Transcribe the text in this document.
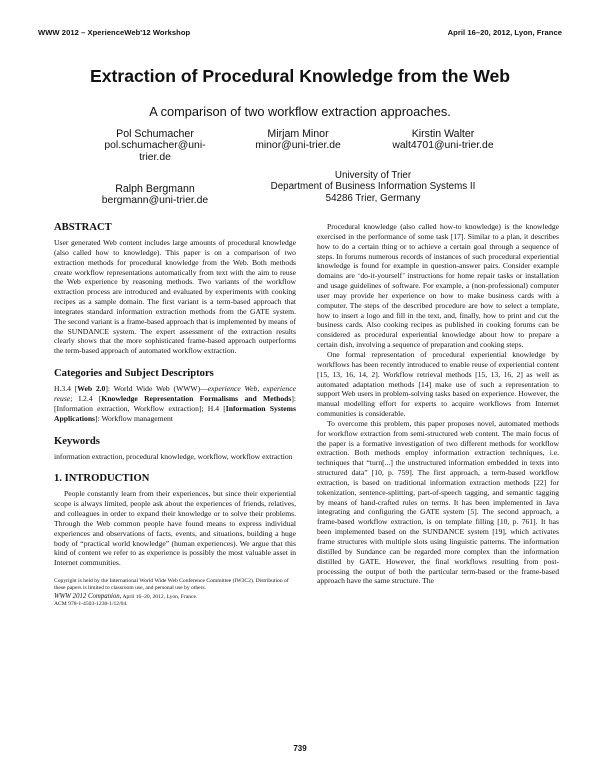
WWW 2012 – XperienceWeb'12 Workshop	April 16–20, 2012, Lyon, France
Extraction of Procedural Knowledge from the Web
A comparison of two workflow extraction approaches.
Pol Schumacher
pol.schumacher@uni-
trier.de
Mirjam Minor
minor@uni-trier.de
Kirstin Walter
walt4701@uni-trier.de
Ralph Bergmann
bergmann@uni-trier.de
University of Trier
Department of Business Information Systems II
54286 Trier, Germany
ABSTRACT

User generated Web content includes large amounts of procedural knowledge (also called how to knowledge). This paper is on a comparison of two extraction methods for procedural knowledge from the Web. Both methods create workflow representations automatically from text with the aim to reuse the Web experience by reasoning methods. Two variants of the workflow extraction process are introduced and evaluated by experiments with cooking recipes as a sample domain. The first variant is a term-based approach that integrates standard information extraction methods from the GATE system. The second variant is a frame-based approach that is implemented by means of the SUNDANCE system. The expert assessment of the extraction results clearly shows that the more sophisticated frame-based approach outperforms the term-based approach of automated workflow extraction.

Categories and Subject Descriptors

H.3.4 [Web 2.0]: World Wide Web (WWW)—experience Web, experience reuse; I.2.4 [Knowledge Representation Formalisms and Methods]: [Information extraction, Workflow extraction]; H.4 [Information Systems Applications]: Workflow management

Keywords

information extraction, procedural knowledge, workflow, workflow extraction

1. INTRODUCTION

People constantly learn from their experiences, but since their experiential scope is always limited, people ask about the experiences of friends, relatives, and colleagues in order to expand their knowledge or to solve their problems. Through the Web common people have found means to express individual experiences and observations of facts, events, and situations, building a huge body of “practical world knowledge” (human experiences). We argue that this kind of content we refer to as experience is possibly the most valuable asset in Internet communities.

Copyright is held by the International World Wide Web Conference Committee (IW3C2). Distribution of these papers is limited to classroom use, and personal use by others.
WWW 2012 Companion, April 16–20, 2012, Lyon, France.
ACM 978-1-4503-1230-1/12/04.

Procedural knowledge (also called how-to knowledge) is the knowledge exercised in the performance of some task [17]. Similar to a plan, it describes how to do a certain thing or to achieve a certain goal through a sequence of steps. In forums numerous records of instances of such procedural experiential knowledge is found for example in question-answer pairs. Consider example domains are ‘do-it-yourself’ instructions for home repair tasks or installation and usage guidelines of software. For example, a (non-professional) computer user may provide her experience on how to make business cards with a computer. The steps of the described procedure are how to select a template, how to insert a logo and fill in the text, and, finally, how to print and cut the business cards. Also cooking recipes as published in cooking forums can be considered as procedural experiential knowledge about how to prepare a certain dish, involving a sequence of preparation and cooking steps.

One formal representation of procedural experiential knowledge by workflows has been recently introduced to enable reuse of experiential content [15, 13, 16, 14, 2]. Workflow retrieval methods [15, 13, 16, 2] as well as automated adaptation methods [14] make use of such a representation to support Web users in problem-solving tasks based on experience. However, the manual modelling effort for experts to acquire workflows from Internet communities is considerable.

To overcome this problem, this paper proposes novel, automated methods for workflow extraction from semi-structured web content. The main focus of the paper is a formative investigation of two different methods for workflow extraction. Both methods employ information extraction techniques, i.e. techniques that “turn[...] the unstructured information embedded in texts into structured data” [10, p. 759]. The first approach, a term-based workflow extraction, is based on traditional information extraction methods [22] for tokenization, sentence-splitting, part-of-speech tagging, and semantic tagging by means of hand-crafted rules on terms. It has been implemented in Java integrating and configuring the GATE system [5]. The second approach, a frame-based workflow extraction, is on template filling [10, p. 761]. It has been implemented based on the SUNDANCE system [19], which activates frame structures with multiple slots using linguistic patterns. The information distilled by Sundance can be regarded more complex than the information distilled by GATE. However, the final workflows resulting from post-processing the output of both the particular term-based or the frame-based approach have the same structure. The

739
